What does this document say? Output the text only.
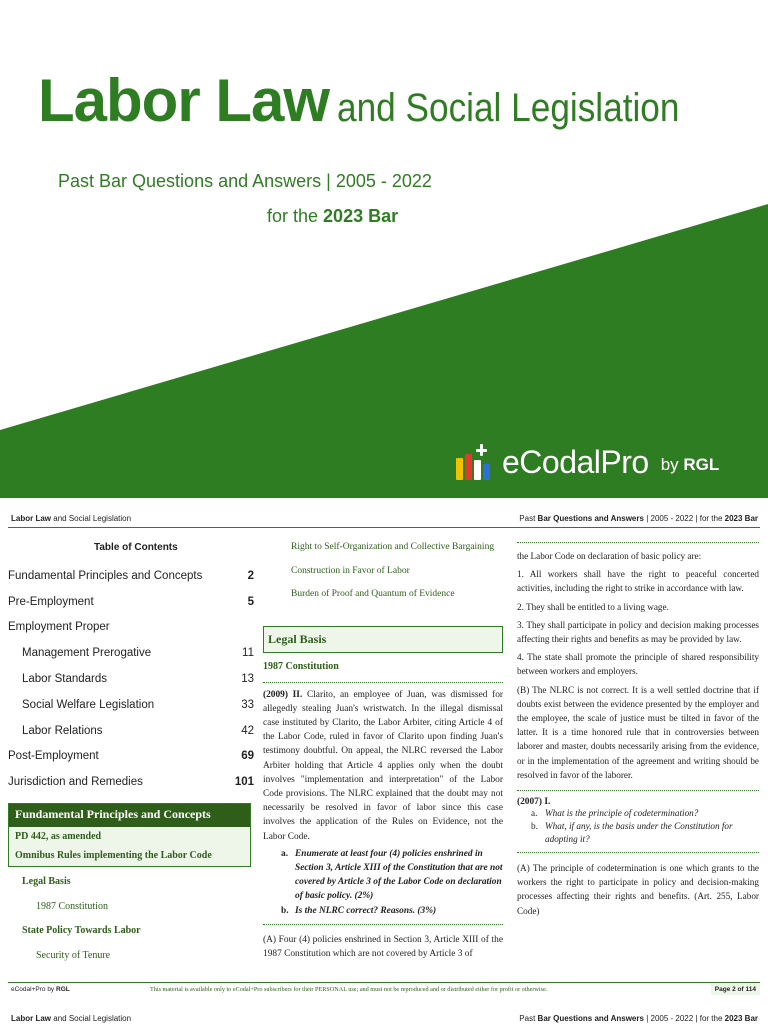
Labor Law and Social Legislation
Past Bar Questions and Answers | 2005 - 2022
for the 2023 Bar
eCodalPro by RGL
Labor Law and Social Legislation	Past Bar Questions and Answers | 2005 - 2022 | for the 2023 Bar
Table of Contents
Fundamental Principles and Concepts	2
Pre-Employment	5
Employment Proper
Management Prerogative	11
Labor Standards	13
Social Welfare Legislation	33
Labor Relations	42
Post-Employment	69
Jurisdiction and Remedies	101
Fundamental Principles and Concepts
PD 442, as amended
Omnibus Rules implementing the Labor Code
Legal Basis
1987 Constitution
State Policy Towards Labor
Security of Tenure
Right to Self-Organization and Collective Bargaining
Construction in Favor of Labor
Burden of Proof and Quantum of Evidence
Legal Basis
1987 Constitution
(2009) II. Clarito, an employee of Juan, was dismissed for allegedly stealing Juan's wristwatch. In the illegal dismissal case instituted by Clarito, the Labor Arbiter, citing Article 4 of the Labor Code, ruled in favor of Clarito upon finding Juan's testimony doubtful. On appeal, the NLRC reversed the Labor Arbiter holding that Article 4 applies only when the doubt involves "implementation and interpretation" of the Labor Code provisions. The NLRC explained that the doubt may not necessarily be resolved in favor of labor since this case involves the application of the Rules on Evidence, not the Labor Code.
a. Enumerate at least four (4) policies enshrined in Section 3, Article XIII of the Constitution that are not covered by Article 3 of the Labor Code on declaration of basic policy. (2%)
b. Is the NLRC correct? Reasons. (3%)
(A) Four (4) policies enshrined in Section 3, Article XIII of the 1987 Constitution which are not covered by Article 3 of
the Labor Code on declaration of basic policy are:
1. All workers shall have the right to peaceful concerted activities, including the right to strike in accordance with law.
2. They shall be entitled to a living wage.
3. They shall participate in policy and decision making processes affecting their rights and benefits as may be provided by law.
4. The state shall promote the principle of shared responsibility between workers and employers.
(B) The NLRC is not correct. It is a well settled doctrine that if doubts exist between the evidence presented by the employer and the employee, the scale of justice must be tilted in favor of the latter. It is a time honored rule that in controversies between laborer and master, doubts necessarily arising from the evidence, or in the implementation of the agreement and writing should be resolved in favor of the laborer.
(2007) I.
a. What is the principle of codetermination?
b. What, if any, is the basis under the Constitution for adopting it?
(A) The principle of codetermination is one which grants to the workers the right to participate in policy and decision-making processes affecting their rights and benefits. (Art. 255, Labor Code)
eCodal+Pro by RGL	This material is available only to eCodal+Pro subscribers for their PERSONAL use; and must not be reproduced and or distributed either for profit or otherwise.	Page 2 of 114
Labor Law and Social Legislation	Past Bar Questions and Answers | 2005 - 2022 | for the 2023 Bar
